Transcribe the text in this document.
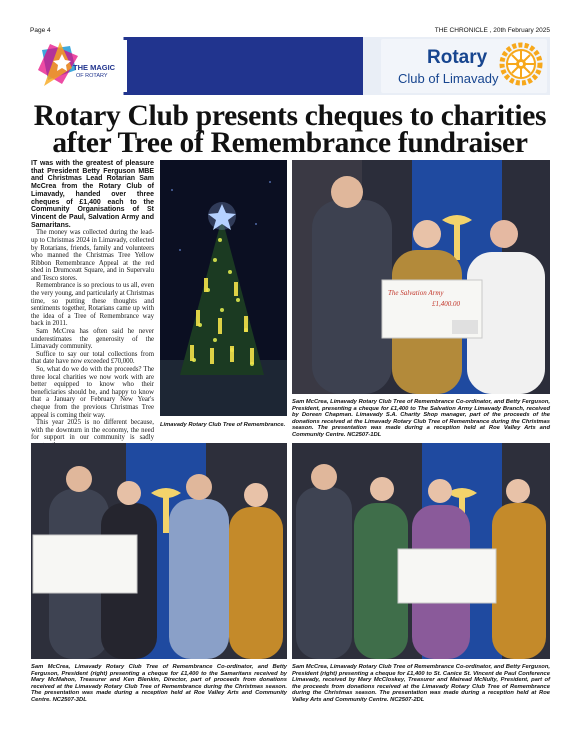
Page 4	THE CHRONICLE , 20th February 2025
THE MAGIC
OF ROTARY
Rotary
Club of Limavady
Rotary Club presents cheques to charities after Tree of Remembrance fundraiser

IT was with the greatest of pleasure that President Betty Ferguson MBE and Christmas Lead Rotarian Sam McCrea from the Rotary Club of Limavady, handed over three cheques of £1,400 each to the Community Organisations of St Vincent de Paul, Salvation Army and Samaritans.

The money was collected during the lead-up to Christmas 2024 in Limavady, collected by Rotarians, friends, family and volunteers who manned the Christmas Tree Yellow Ribbon Remembrance Appeal at the red shed in Drumceatt Square, and in Supervalu and Tesco stores.

Remembrance is so precious to us all, even the very young, and particularly at Christmas time, so putting these thoughts and sentiments together, Rotarians came up with the idea of a Tree of Remembrance way back in 2011.

Sam McCrea has often said he never underestimates the generosity of the Limavady community.

Suffice to say our total collections from that date have now exceeded £70,000.

So, what do we do with the proceeds? The three local charities we now work with are better equipped to know who their beneficiaries should be, and happy to know that a January or February New Year's cheque from the previous Christmas Tree appeal is coming their way.

This year 2025 is no different because, with the downturn in the economy, the need for support in our community is sadly

Limavady Rotary Club Tree of Remembrance.
The Salvation Army
£1,400.00
Sam McCrea, Limavady Rotary Club Tree of Remembrance Co-ordinator, and Betty Ferguson, President, presenting a cheque for £1,400 to The Salvation Army Limavady Branch, received by Doreen Chapman. Limavady S.A. Charity Shop manager, part of the proceeds of the donations received at the Limavady Rotary Club Tree of Remembrance during the Christmas season. The presentation was made during a reception held at Roe Valley Arts and Community Centre. NC2507-1DL
Sam McCrea, Limavady Rotary Club Tree of Remembrance Co-ordinator, and Betty Ferguson, President (right) presenting a cheque for £1,400 to the Samaritans received by Mary McMahon, Treasurer and Ken Blenkin, Director, part of proceeds from donations received at the Limavady Rotary Club Tree of Remembrance during the Christmas season. The presentation was made during a reception held at Roe Valley Arts and Community Centre. NC2507-3DL
Sam McCrea, Limavady Rotary Club Tree of Remembrance Co-ordinator, and Betty Ferguson, President (right) presenting a cheque for £1,400 to St. Canice St. Vincent de Paul Conference Limavady, received by Mary McCloskey, Treasurer and Mairead McNulty, President, part of the proceeds from donations received at the Limavady Rotary Club Tree of Remembrance during the Christmas season. The presentation was made during a reception held at Roe Valley Arts and Community Centre. NC2507-2DL
